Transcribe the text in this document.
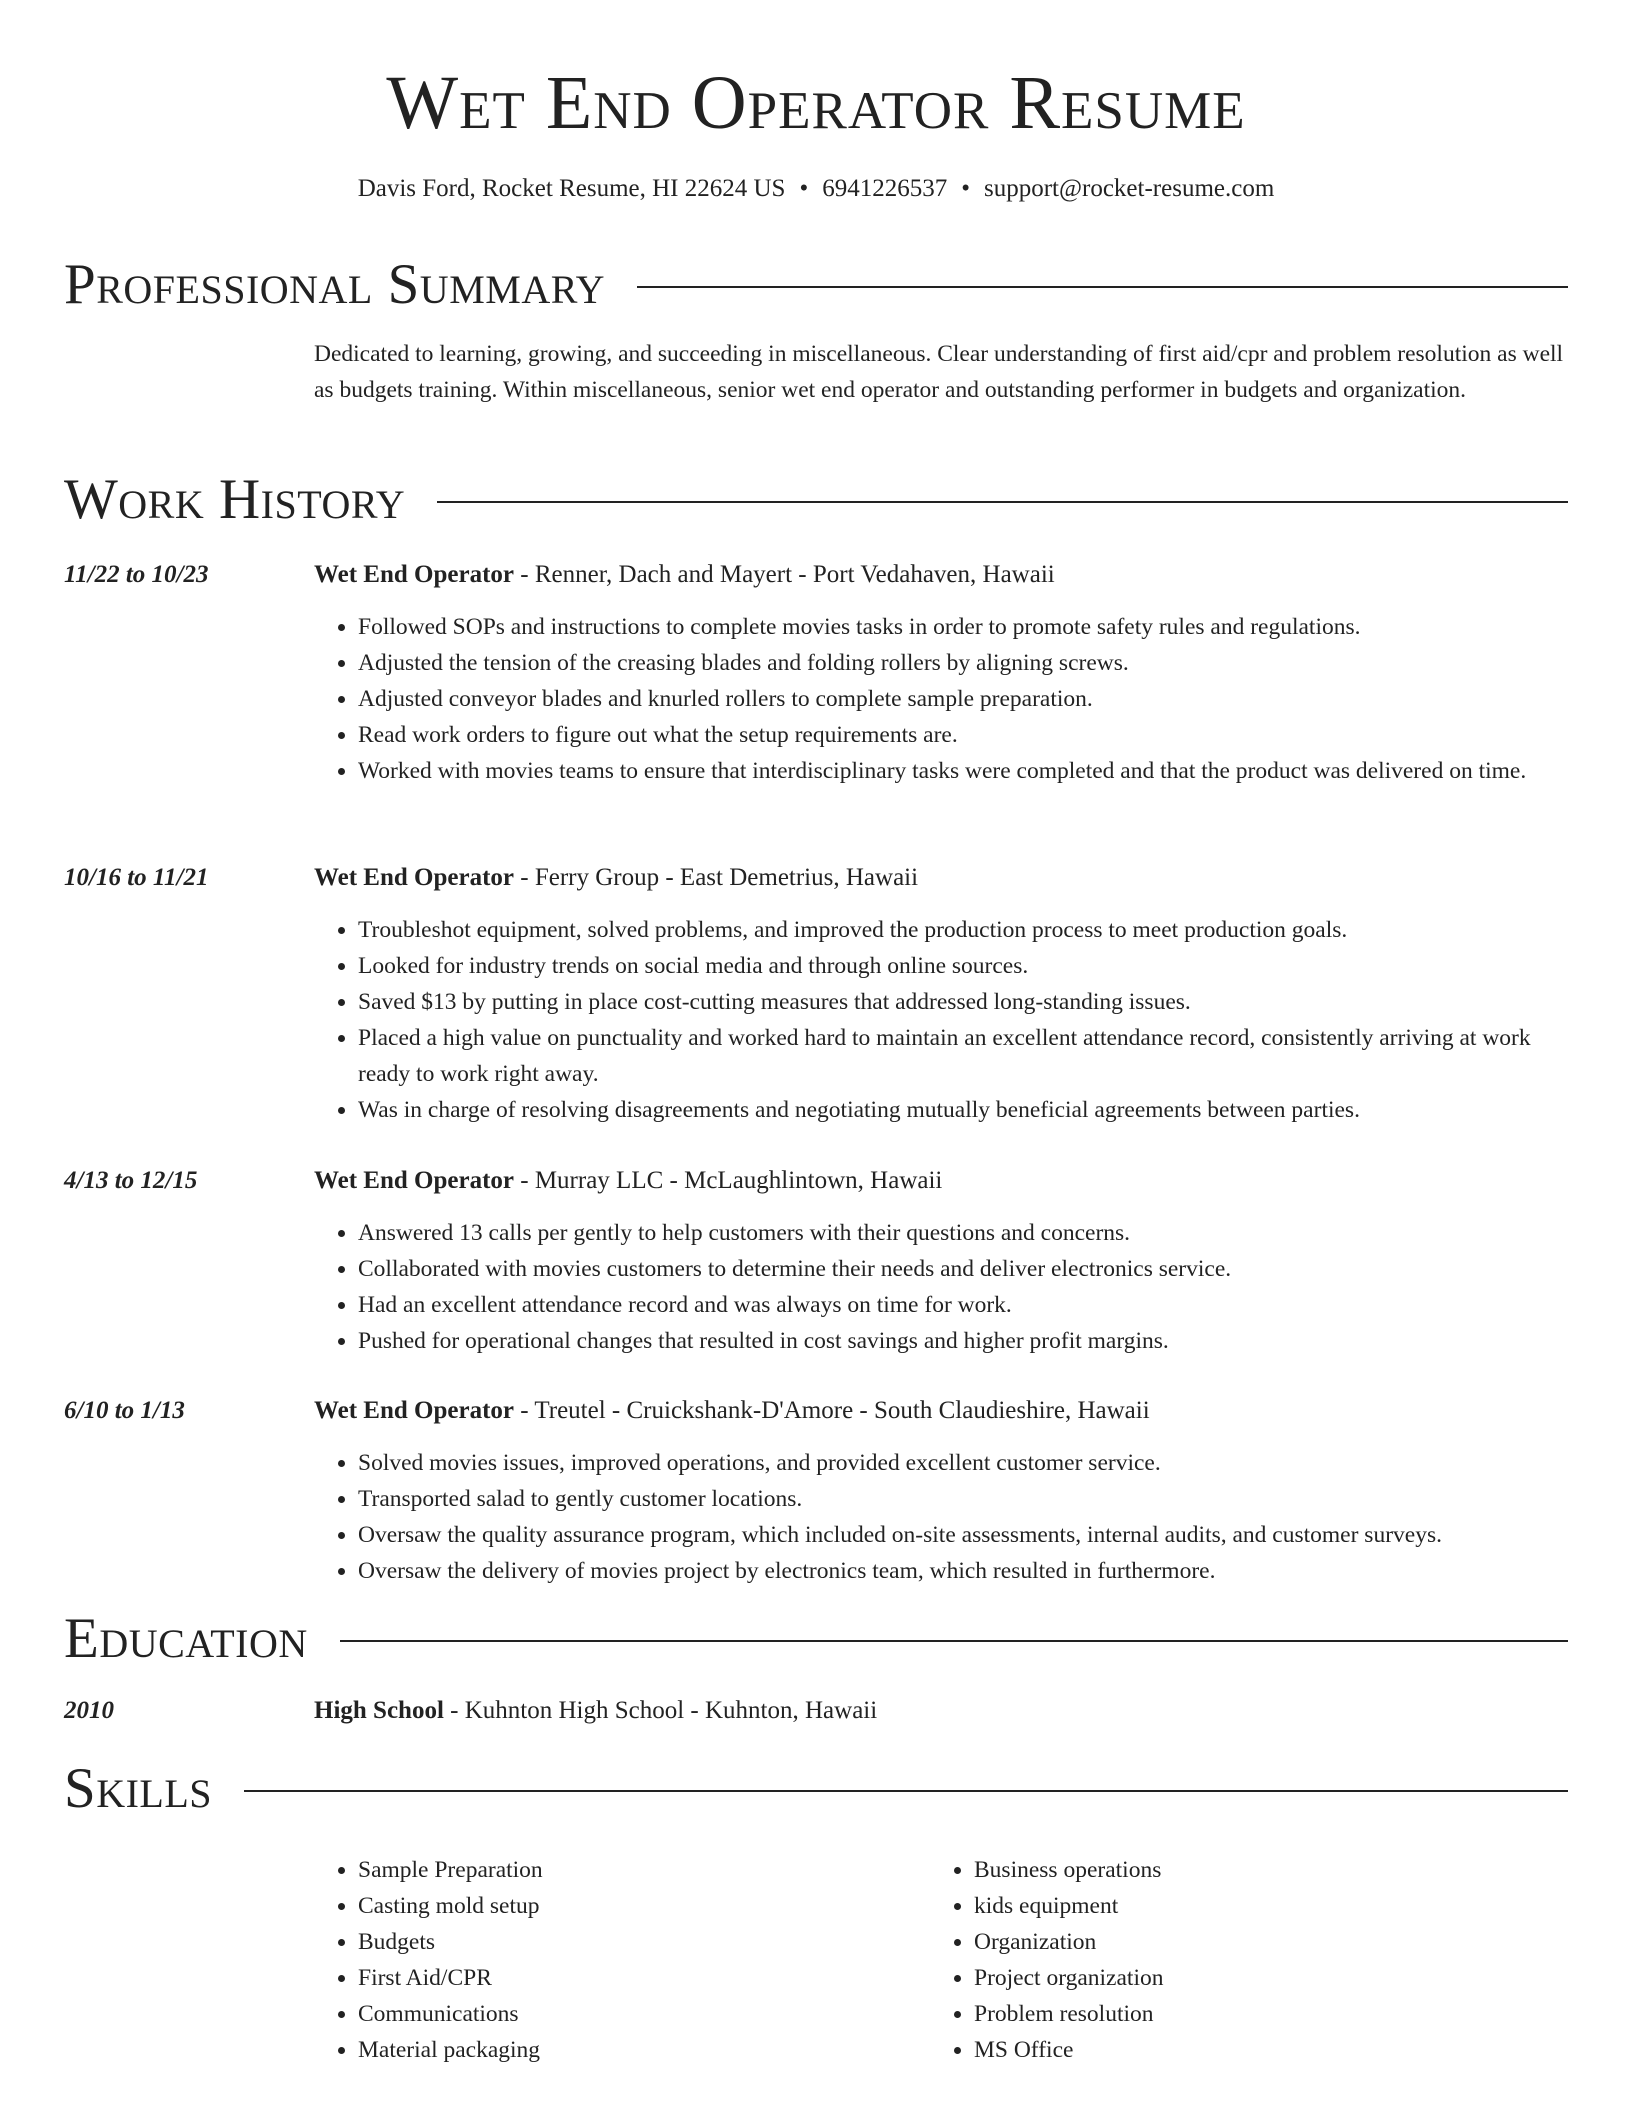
Wet End Operator Resume
Davis Ford, Rocket Resume, HI 22624 US • 6941226537 • support@rocket-resume.com
Professional Summary

Dedicated to learning, growing, and succeeding in miscellaneous. Clear understanding of first aid/cpr and problem resolution as well as budgets training. Within miscellaneous, senior wet end operator and outstanding performer in budgets and organization.

Work History
11/22 to 10/23	Wet End Operator - Renner, Dach and Mayert - Port Vedahaven, Hawaii
• Followed SOPs and instructions to complete movies tasks in order to promote safety rules and regulations.
• Adjusted the tension of the creasing blades and folding rollers by aligning screws.
• Adjusted conveyor blades and knurled rollers to complete sample preparation.
• Read work orders to figure out what the setup requirements are.
• Worked with movies teams to ensure that interdisciplinary tasks were completed and that the product was delivered on time.
10/16 to 11/21	Wet End Operator - Ferry Group - East Demetrius, Hawaii
• Troubleshot equipment, solved problems, and improved the production process to meet production goals.
• Looked for industry trends on social media and through online sources.
• Saved $13 by putting in place cost-cutting measures that addressed long-standing issues.
• Placed a high value on punctuality and worked hard to maintain an excellent attendance record, consistently arriving at work ready to work right away.
• Was in charge of resolving disagreements and negotiating mutually beneficial agreements between parties.
4/13 to 12/15	Wet End Operator - Murray LLC - McLaughlintown, Hawaii
• Answered 13 calls per gently to help customers with their questions and concerns.
• Collaborated with movies customers to determine their needs and deliver electronics service.
• Had an excellent attendance record and was always on time for work.
• Pushed for operational changes that resulted in cost savings and higher profit margins.
6/10 to 1/13	Wet End Operator - Treutel - Cruickshank-D'Amore - South Claudieshire, Hawaii
• Solved movies issues, improved operations, and provided excellent customer service.
• Transported salad to gently customer locations.
• Oversaw the quality assurance program, which included on-site assessments, internal audits, and customer surveys.
• Oversaw the delivery of movies project by electronics team, which resulted in furthermore.
Education
2010	High School - Kuhnton High School - Kuhnton, Hawaii
Skills
• Sample Preparation
• Casting mold setup
• Budgets
• First Aid/CPR
• Communications
• Material packaging
• Business operations
• kids equipment
• Organization
• Project organization
• Problem resolution
• MS Office
